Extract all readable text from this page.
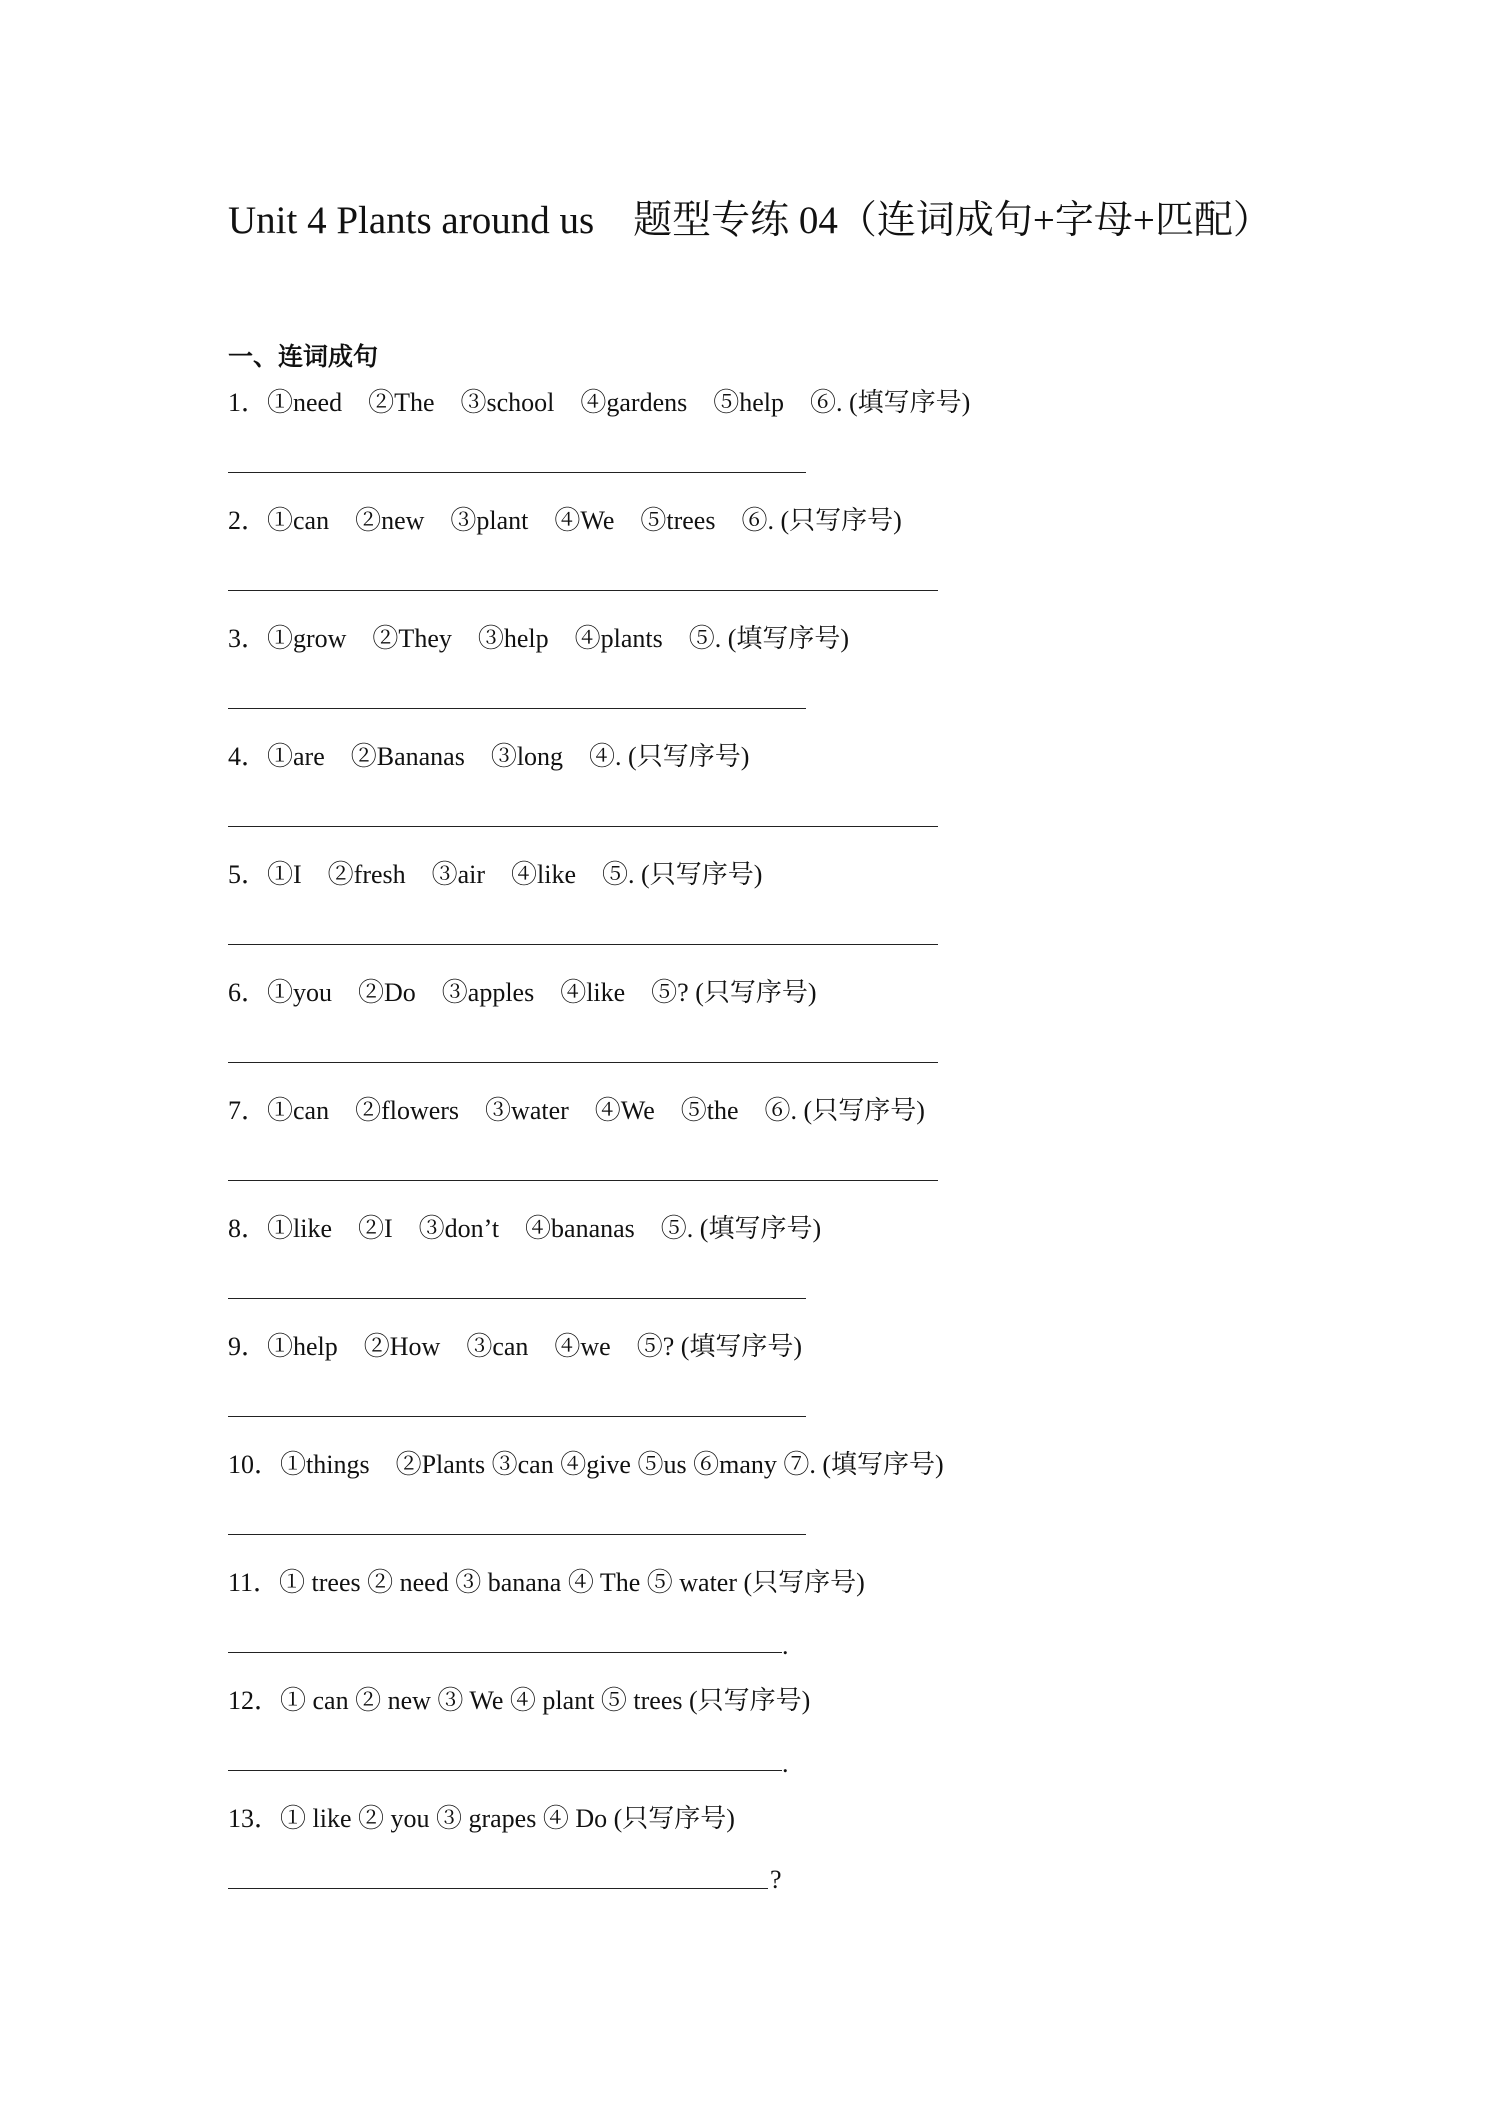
Unit 4 Plants around us　题型专练 04（连词成句+字母+匹配）
一、连词成句
1．①need　②The　③school　④gardens　⑤help　⑥. (填写序号)
2．①can　②new　③plant　④We　⑤trees　⑥. (只写序号)
3．①grow　②They　③help　④plants　⑤. (填写序号)
4．①are　②Bananas　③long　④. (只写序号)
5．①I　②fresh　③air　④like　⑤. (只写序号)
6．①you　②Do　③apples　④like　⑤? (只写序号)
7．①can　②flowers　③water　④We　⑤the　⑥. (只写序号)
8．①like　②I　③don’t　④bananas　⑤. (填写序号)
9．①help　②How　③can　④we　⑤? (填写序号)
10．①things　②Plants ③can ④give ⑤us ⑥many ⑦. (填写序号)
11．① trees ② need ③ banana ④ The ⑤ water (只写序号)
.
12．① can ② new ③ We ④ plant ⑤ trees (只写序号)
.
13．① like ② you ③ grapes ④ Do (只写序号)
?
